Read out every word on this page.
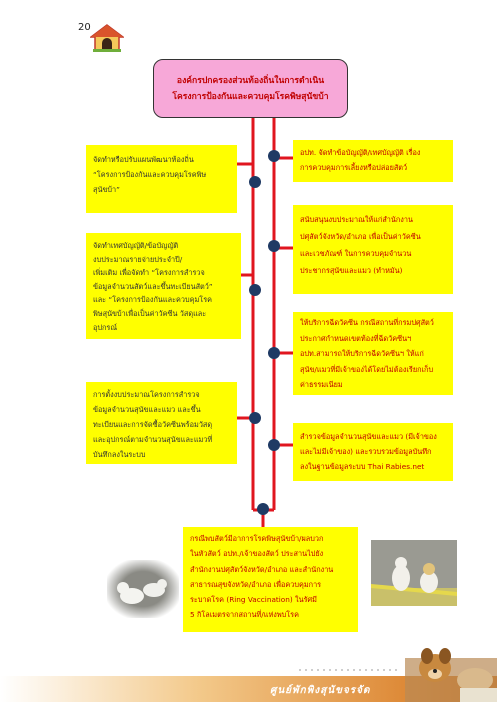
20
องค์กรปกครองส่วนท้องถิ่นในการดำเนิน
โครงการป้องกันและควบคุมโรคพิษสุนัขบ้า
จัดทำหรือปรับแผนพัฒนาท้องถิ่น
“โครงการป้องกันและควบคุมโรคพิษ
สุนัขบ้า”
จัดทำเทศบัญญัติ/ข้อบัญญัติ
งบประมาณรายจ่ายประจำปี/
เพิ่มเติม เพื่อจัดทำ “โครงการสำรวจ
ข้อมูลจำนวนสัตว์และขึ้นทะเบียนสัตว์”
และ “โครงการป้องกันและควบคุมโรค
พิษสุนัขบ้าเพื่อเป็นค่าวัคซีน วัสดุและ
อุปกรณ์
การตั้งงบประมาณโครงการสำรวจ
ข้อมูลจำนวนสุนัขและแมว และขึ้น
ทะเบียนและการจัดซื้อวัคซีนพร้อมวัสดุ
และอุปกรณ์ตามจำนวนสุนัขและแมวที่
บันทึกลงในระบบ
อปท. จัดทำข้อบัญญัติ/เทศบัญญัติ เรื่อง
การควบคุมการเลี้ยงหรือปล่อยสัตว์
สนับสนุนงบประมาณให้แก่สำนักงาน
ปศุสัตว์จังหวัด/อำเภอ เพื่อเป็นค่าวัคซีน
และเวชภัณฑ์ ในการควบคุมจำนวน
ประชากรสุนัขและแมว (ทำหมัน)
ให้บริการฉีดวัคซีน กรณีสถานที่กรมปศุสัตว์
ประกาศกำหนดเขตท้องที่ฉีดวัคซีนฯ
อปท.สามารถให้บริการฉีดวัคซีนฯ ให้แก่
สุนัข/แมวที่มีเจ้าของได้โดยไม่ต้องเรียกเก็บ
ค่าธรรมเนียม
สำรวจข้อมูลจำนวนสุนัขและแมว (มีเจ้าของ
และไม่มีเจ้าของ) และรวบรวมข้อมูลบันทึก
ลงในฐานข้อมูลระบบ Thai Rabies.net
กรณีพบสัตว์มีอาการโรคพิษสุนัขบ้า/ผลบวก
ในหัวสัตว์ อปท./เจ้าของสัตว์ ประสานไปยัง
สำนักงานปศุสัตว์จังหวัด/อำเภอ และสำนักงาน
สาธารณสุขจังหวัด/อำเภอ เพื่อควบคุมการ
ระบาดโรค (Ring Vaccination) ในรัศมี
5 กิโลเมตรจากสถานที่/แห่งพบโรค
ศูนย์พักพิงสุนัขจรจัด
